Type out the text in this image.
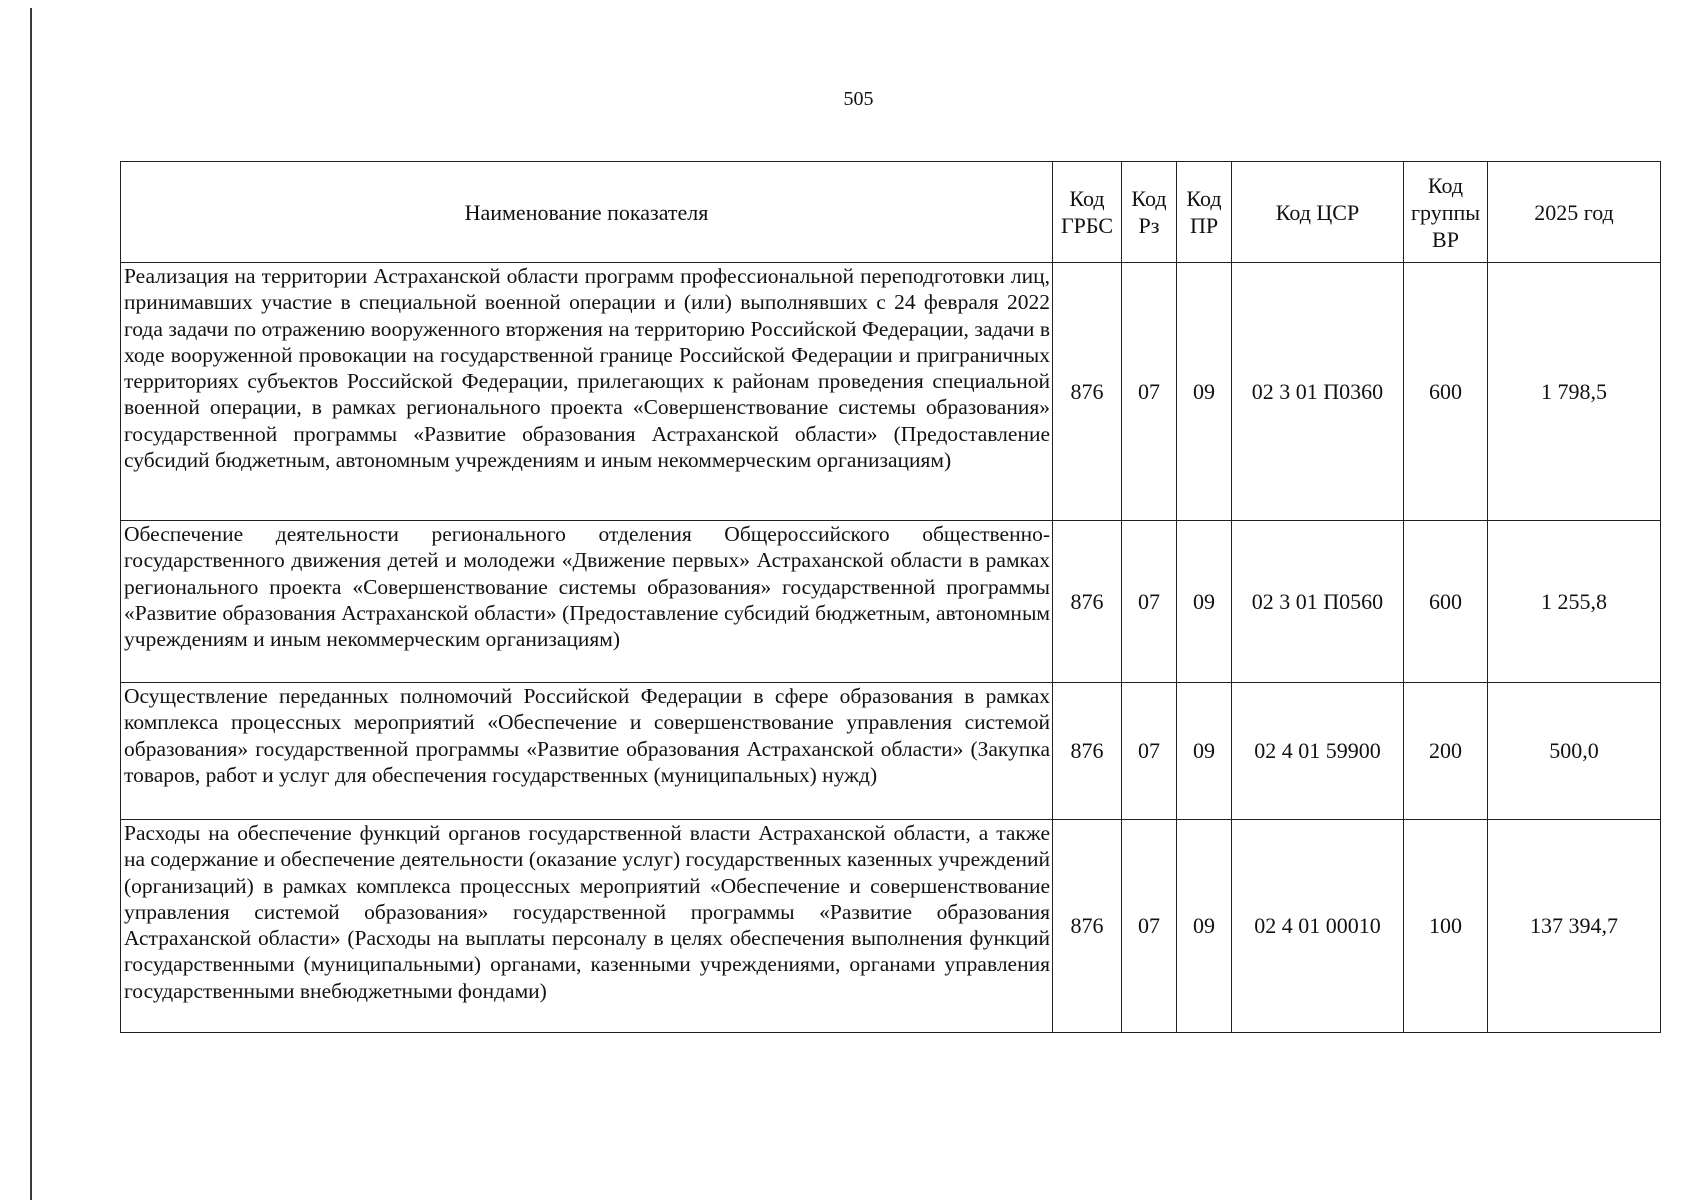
505
Наименование показателя	Код ГРБС	Код Рз	Код ПР	Код ЦСР	Код группы ВР	2025 год
Реализация на территории Астраханской области программ профессиональной переподготовки лиц, принимавших участие в специальной военной операции и (или) выполнявших с 24 февраля 2022 года задачи по отражению вооруженного вторжения на территорию Российской Федерации, задачи в ходе вооруженной провокации на государственной границе Российской Федерации и приграничных территориях субъектов Российской Федерации, прилегающих к районам проведения специальной военной операции, в рамках регионального проекта «Совершенствование системы образования» государственной программы «Развитие образования Астраханской области» (Предоставление субсидий бюджетным, автономным учреждениям и иным некоммерческим организациям)	876	07	09	02 3 01 П0360	600	1 798,5
Обеспечение деятельности регионального отделения Общероссийского общественно-государственного движения детей и молодежи «Движение первых» Астраханской области в рамках регионального проекта «Совершенствование системы образования» государственной программы «Развитие образования Астраханской области» (Предоставление субсидий бюджетным, автономным учреждениям и иным некоммерческим организациям)	876	07	09	02 3 01 П0560	600	1 255,8
Осуществление переданных полномочий Российской Федерации в сфере образования в рамках комплекса процессных мероприятий «Обеспечение и совершенствование управления системой образования» государственной программы «Развитие образования Астраханской области» (Закупка товаров, работ и услуг для обеспечения государственных (муниципальных) нужд)	876	07	09	02 4 01 59900	200	500,0
Расходы на обеспечение функций органов государственной власти Астраханской области, а также на содержание и обеспечение деятельности (оказание услуг) государственных казенных учреждений (организаций) в рамках комплекса процессных мероприятий «Обеспечение и совершенствование управления системой образования» государственной программы «Развитие образования Астраханской области» (Расходы на выплаты персоналу в целях обеспечения выполнения функций государственными (муниципальными) органами, казенными учреждениями, органами управления государственными внебюджетными фондами)	876	07	09	02 4 01 00010	100	137 394,7
